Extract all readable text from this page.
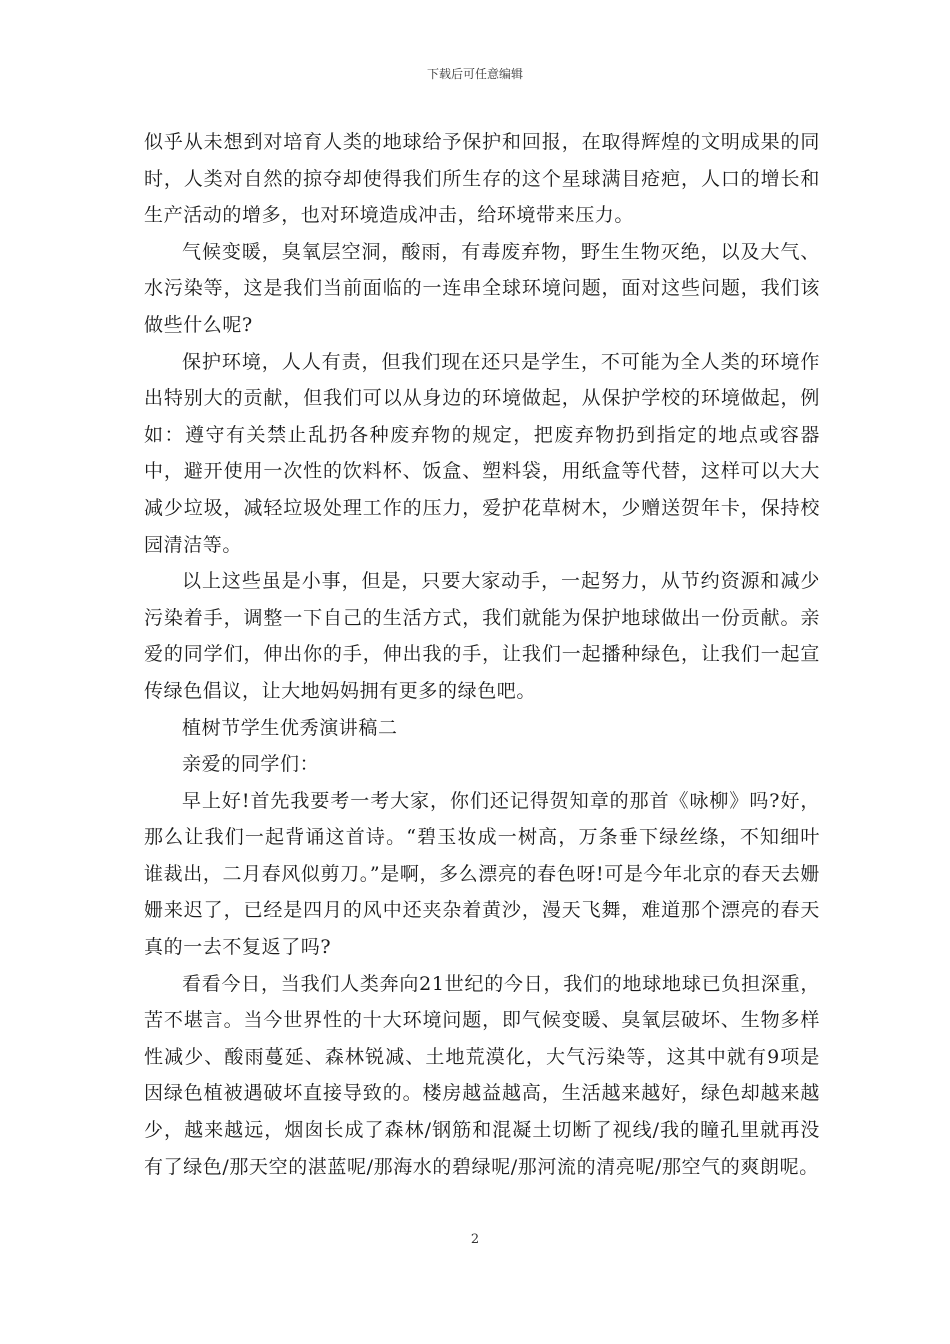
下载后可任意编辑

似乎从未想到对培育人类的地球给予保护和回报，在取得辉煌的文明成果的同时，人类对自然的掠夺却使得我们所生存的这个星球满目疮疤，人口的增长和生产活动的增多，也对环境造成冲击，给环境带来压力。

气候变暖，臭氧层空洞，酸雨，有毒废弃物，野生生物灭绝，以及大气、水污染等，这是我们当前面临的一连串全球环境问题，面对这些问题，我们该做些什么呢?

保护环境，人人有责，但我们现在还只是学生，不可能为全人类的环境作出特别大的贡献，但我们可以从身边的环境做起，从保护学校的环境做起，例如：遵守有关禁止乱扔各种废弃物的规定，把废弃物扔到指定的地点或容器中，避开使用一次性的饮料杯、饭盒、塑料袋，用纸盒等代替，这样可以大大减少垃圾，减轻垃圾处理工作的压力，爱护花草树木，少赠送贺年卡，保持校园清洁等。

以上这些虽是小事，但是，只要大家动手，一起努力，从节约资源和减少污染着手，调整一下自己的生活方式，我们就能为保护地球做出一份贡献。亲爱的同学们，伸出你的手，伸出我的手，让我们一起播种绿色，让我们一起宣传绿色倡议，让大地妈妈拥有更多的绿色吧。

植树节学生优秀演讲稿二

亲爱的同学们：

早上好!首先我要考一考大家，你们还记得贺知章的那首《咏柳》吗?好，那么让我们一起背诵这首诗。“碧玉妆成一树高，万条垂下绿丝绦，不知细叶谁裁出，二月春风似剪刀。”是啊，多么漂亮的春色呀!可是今年北京的春天去姗姗来迟了，已经是四月的风中还夹杂着黄沙，漫天飞舞，难道那个漂亮的春天真的一去不复返了吗?

看看今日，当我们人类奔向21世纪的今日，我们的地球地球已负担深重，苦不堪言。当今世界性的十大环境问题，即气候变暖、臭氧层破坏、生物多样性减少、酸雨蔓延、森林锐减、土地荒漠化，大气污染等，这其中就有9项是因绿色植被遇破坏直接导致的。楼房越益越高，生活越来越好，绿色却越来越少，越来越远，烟囱长成了森林/钢筋和混凝土切断了视线/我的瞳孔里就再没有了绿色/那天空的湛蓝呢/那海水的碧绿呢/那河流的清亮呢/那空气的爽朗呢。

2
